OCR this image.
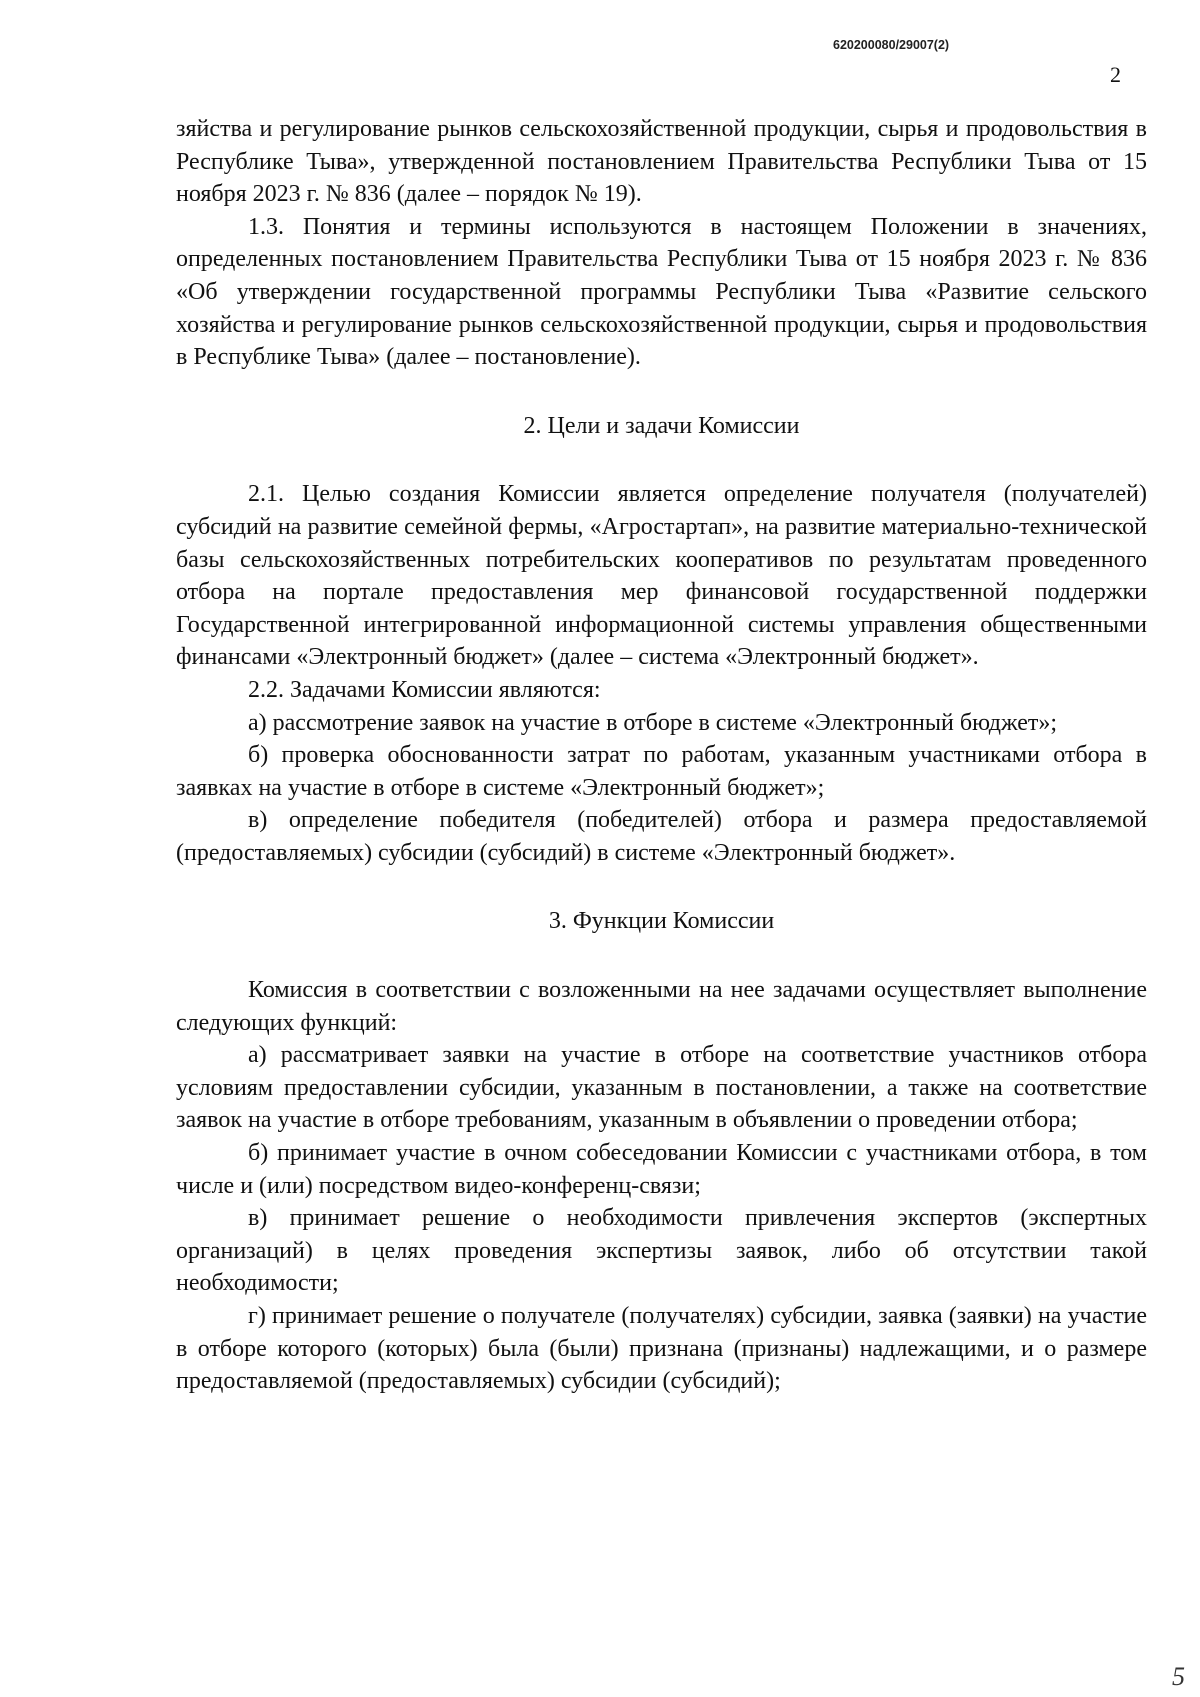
620200080/29007(2)
2

зяйства и регулирование рынков сельскохозяйственной продукции, сырья и продовольствия в Республике Тыва», утвержденной постановлением Правительства Республики Тыва от 15 ноября 2023 г. № 836 (далее – порядок № 19).

1.3. Понятия и термины используются в настоящем Положении в значениях, определенных постановлением Правительства Республики Тыва от 15 ноября 2023 г. № 836 «Об утверждении государственной программы Республики Тыва «Развитие сельского хозяйства и регулирование рынков сельскохозяйственной продукции, сырья и продовольствия в Республике Тыва» (далее – постановление).

2. Цели и задачи Комиссии

2.1. Целью создания Комиссии является определение получателя (получателей) субсидий на развитие семейной фермы, «Агростартап», на развитие материально-технической базы сельскохозяйственных потребительских кооперативов по результатам проведенного отбора на портале предоставления мер финансовой государственной поддержки Государственной интегрированной информационной системы управления общественными финансами «Электронный бюджет» (далее – система «Электронный бюджет».

2.2. Задачами Комиссии являются:

а) рассмотрение заявок на участие в отборе в системе «Электронный бюджет»;

б) проверка обоснованности затрат по работам, указанным участниками отбора в заявках на участие в отборе в системе «Электронный бюджет»;

в) определение победителя (победителей) отбора и размера предоставляемой (предоставляемых) субсидии (субсидий) в системе «Электронный бюджет».

3. Функции Комиссии

Комиссия в соответствии с возложенными на нее задачами осуществляет выполнение следующих функций:

а) рассматривает заявки на участие в отборе на соответствие участников отбора условиям предоставлении субсидии, указанным в постановлении, а также на соответствие заявок на участие в отборе требованиям, указанным в объявлении о проведении отбора;

б) принимает участие в очном собеседовании Комиссии с участниками отбора, в том числе и (или) посредством видео-конференц-связи;

в) принимает решение о необходимости привлечения экспертов (экспертных организаций) в целях проведения экспертизы заявок, либо об отсутствии такой необходимости;

г) принимает решение о получателе (получателях) субсидии, заявка (заявки) на участие в отборе которого (которых) была (были) признана (признаны) надлежащими, и о размере предоставляемой (предоставляемых) субсидии (субсидий);

5
